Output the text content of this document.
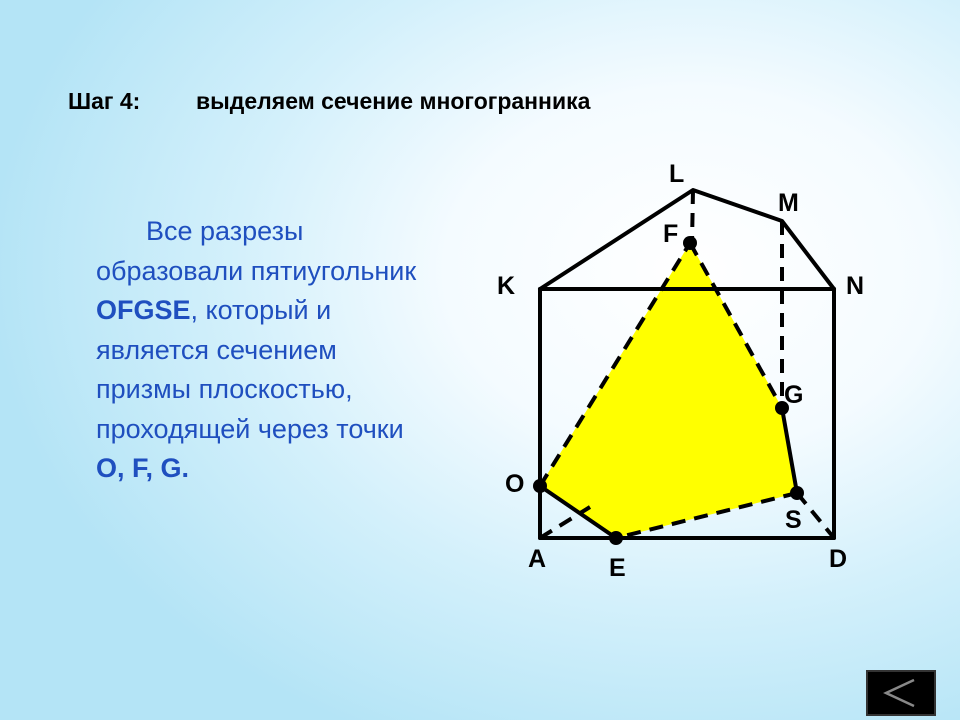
Шаг 4: выделяем сечение многогранника
Все разрезы
образовали пятиугольник
OFGSE, который и
является сечением
призмы плоскостью,
проходящей через точки
O, F, G.
L
M
F
K	N
G
O
S
A	D
E
